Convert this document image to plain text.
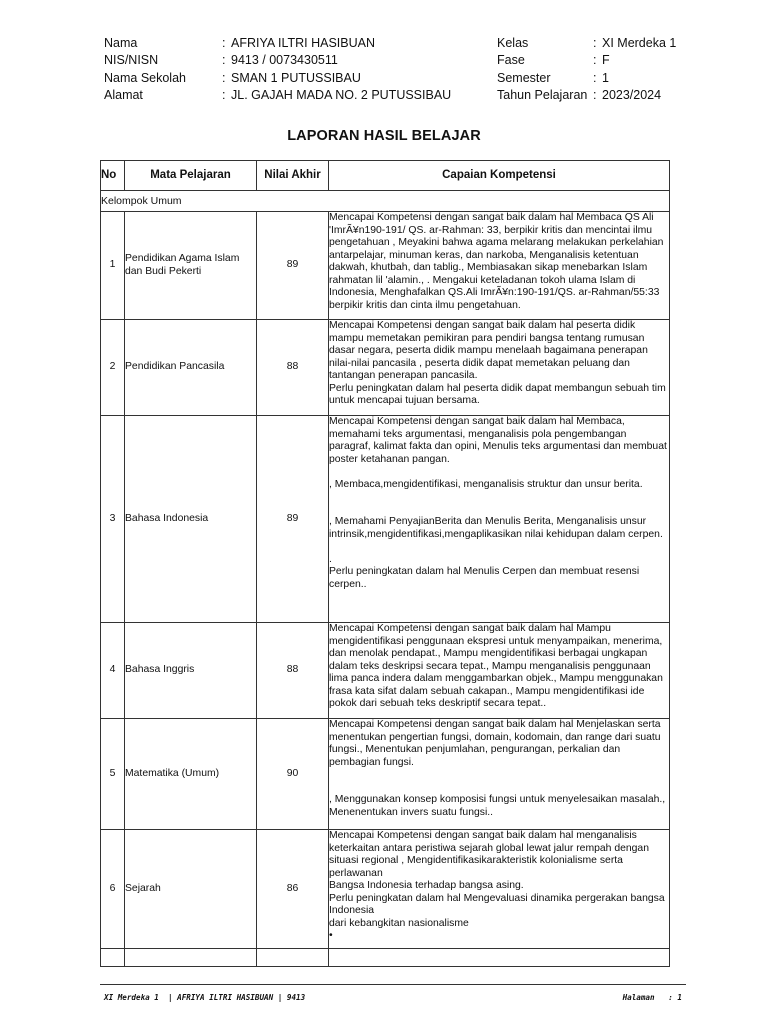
Nama	: AFRIYA ILTRI HASIBUAN
NIS/NISN	: 9413 / 0073430511
Nama Sekolah	: SMAN 1 PUTUSSIBAU
Alamat	: JL. GAJAH MADA NO. 2 PUTUSSIBAU
Kelas	: XI Merdeka 1
Fase	: F
Semester	: 1
Tahun Pelajaran : 2023/2024
LAPORAN HASIL BELAJAR
No	Mata Pelajaran	Nilai Akhir	Capaian Kompetensi
Kelompok Umum			
1	Pendidikan Agama Islam dan Budi Pekerti	89	Mencapai Kompetensi dengan sangat baik dalam hal Membaca QS Ali 'ImrÃ¥n190-191/ QS. ar-Rahman: 33, berpikir kritis dan mencintai ilmu pengetahuan , Meyakini bahwa agama melarang melakukan perkelahian antarpelajar, minuman keras, dan narkoba, Menganalisis ketentuan dakwah, khutbah, dan tablig., Membiasakan sikap menebarkan Islam rahmatan lil 'alamin., . Mengakui keteladanan tokoh ulama Islam di Indonesia, Menghafalkan QS.Ali ImrÃ¥n:190-191/QS. ar-Rahman/55:33 berpikir kritis dan cinta ilmu pengetahuan.

2	Pendidikan Pancasila	88	Mencapai Kompetensi dengan sangat baik dalam hal peserta didik mampu memetakan pemikiran para pendiri bangsa tentang rumusan dasar negara, peserta didik mampu menelaah bagaimana penerapan nilai-nilai pancasila , peserta didik dapat memetakan peluang dan tantangan penerapan pancasila.
Perlu peningkatan dalam hal peserta didik dapat membangun sebuah tim untuk mencapai tujuan bersama.

3	Bahasa Indonesia	89	Mencapai Kompetensi dengan sangat baik dalam hal Membaca, memahami teks argumentasi, menganalisis pola pengembangan paragraf, kalimat fakta dan opini, Menulis teks argumentasi dan membuat poster ketahanan pangan.

, Membaca,mengidentifikasi, menganalisis struktur dan unsur berita.

, Memahami PenyajianBerita dan Menulis Berita, Menganalisis unsur intrinsik,mengidentifikasi,mengaplikasikan nilai kehidupan dalam cerpen.

.
Perlu peningkatan dalam hal Menulis Cerpen dan membuat resensi cerpen..

4	Bahasa Inggris	88	Mencapai Kompetensi dengan sangat baik dalam hal Mampu mengidentifikasi penggunaan ekspresi untuk menyampaikan, menerima, dan menolak pendapat., Mampu mengidentifikasi berbagai ungkapan dalam teks deskripsi secara tepat., Mampu menganalisis penggunaan lima panca indera dalam menggambarkan objek., Mampu menggunakan frasa kata sifat dalam sebuah cakapan., Mampu mengidentifikasi ide pokok dari sebuah teks deskriptif secara tepat..

5	Matematika (Umum)	90	Mencapai Kompetensi dengan sangat baik dalam hal Menjelaskan serta menentukan pengertian fungsi, domain, kodomain, dan range dari suatu fungsi., Menentukan penjumlahan, pengurangan, perkalian dan pembagian fungsi.

, Menggunakan konsep komposisi fungsi untuk menyelesaikan masalah., Menenentukan invers suatu fungsi..

6	Sejarah	86	Mencapai Kompetensi dengan sangat baik dalam hal menganalisis keterkaitan antara peristiwa sejarah global lewat jalur rempah dengan situasi regional , Mengidentifikasikarakteristik kolonialisme serta perlawanan
Bangsa Indonesia terhadap bangsa asing.
Perlu peningkatan dalam hal Mengevaluasi dinamika pergerakan bangsa Indonesia
dari kebangkitan nasionalisme
•

XI Merdeka 1  | AFRIYA ILTRI HASIBUAN | 9413	Halaman   : 1
